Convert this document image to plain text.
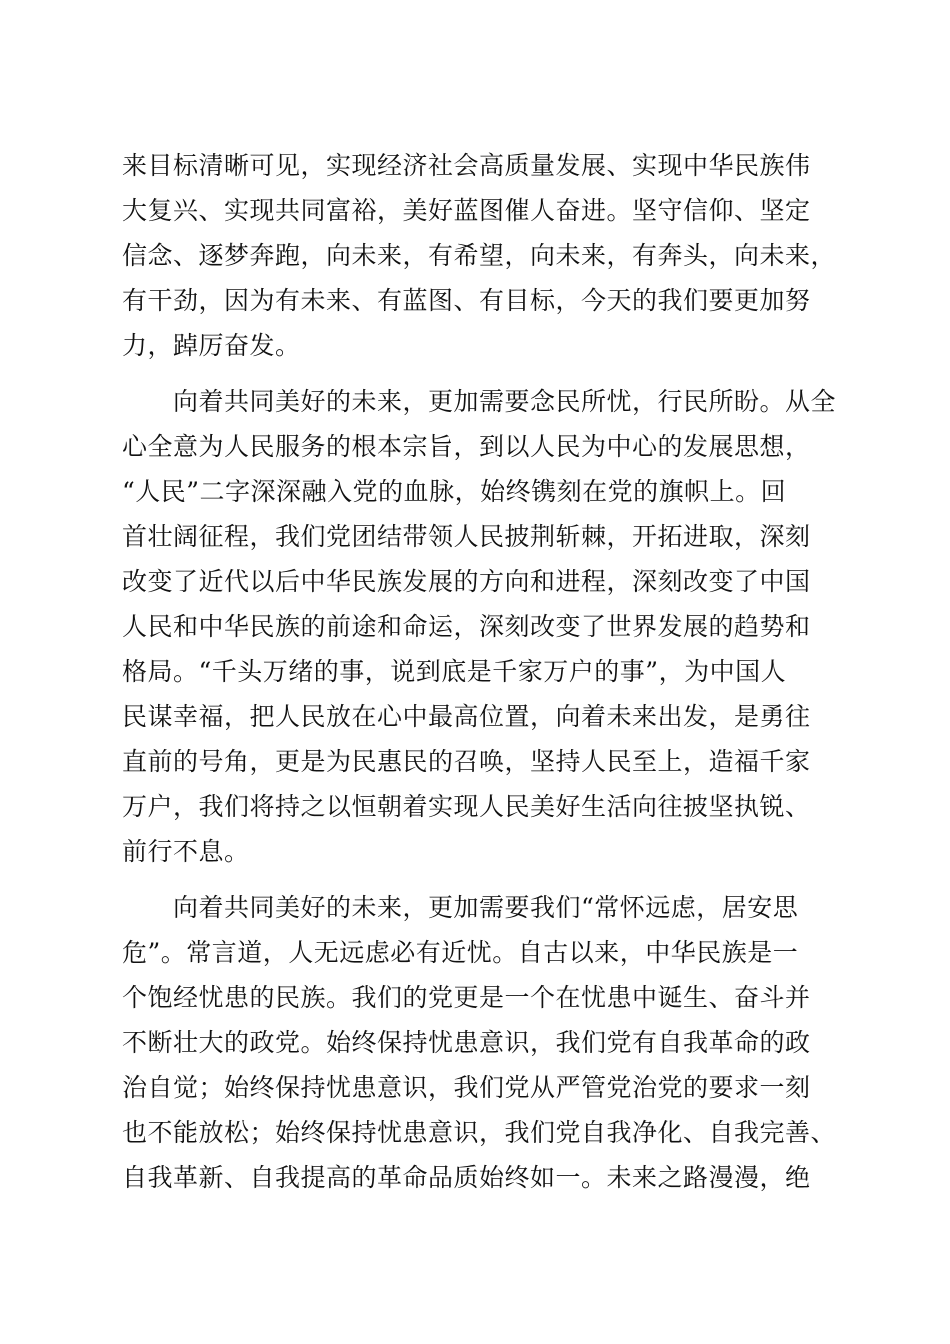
来目标清晰可见，实现经济社会高质量发展、实现中华民族伟
大复兴、实现共同富裕，美好蓝图催人奋进。坚守信仰、坚定
信念、逐梦奔跑，向未来，有希望，向未来，有奔头，向未来，
有干劲，因为有未来、有蓝图、有目标，今天的我们要更加努
力，踔厉奋发。
　　向着共同美好的未来，更加需要念民所忧，行民所盼。从全
心全意为人民服务的根本宗旨，到以人民为中心的发展思想，
“人民”二字深深融入党的血脉，始终镌刻在党的旗帜上。回
首壮阔征程，我们党团结带领人民披荆斩棘，开拓进取，深刻
改变了近代以后中华民族发展的方向和进程，深刻改变了中国
人民和中华民族的前途和命运，深刻改变了世界发展的趋势和
格局。“千头万绪的事，说到底是千家万户的事”，为中国人
民谋幸福，把人民放在心中最高位置，向着未来出发，是勇往
直前的号角，更是为民惠民的召唤，坚持人民至上，造福千家
万户，我们将持之以恒朝着实现人民美好生活向往披坚执锐、
前行不息。
　　向着共同美好的未来，更加需要我们“常怀远虑，居安思
危”。常言道，人无远虑必有近忧。自古以来，中华民族是一
个饱经忧患的民族。我们的党更是一个在忧患中诞生、奋斗并
不断壮大的政党。始终保持忧患意识，我们党有自我革命的政
治自觉；始终保持忧患意识，我们党从严管党治党的要求一刻
也不能放松；始终保持忧患意识，我们党自我净化、自我完善、
自我革新、自我提高的革命品质始终如一。未来之路漫漫，绝
